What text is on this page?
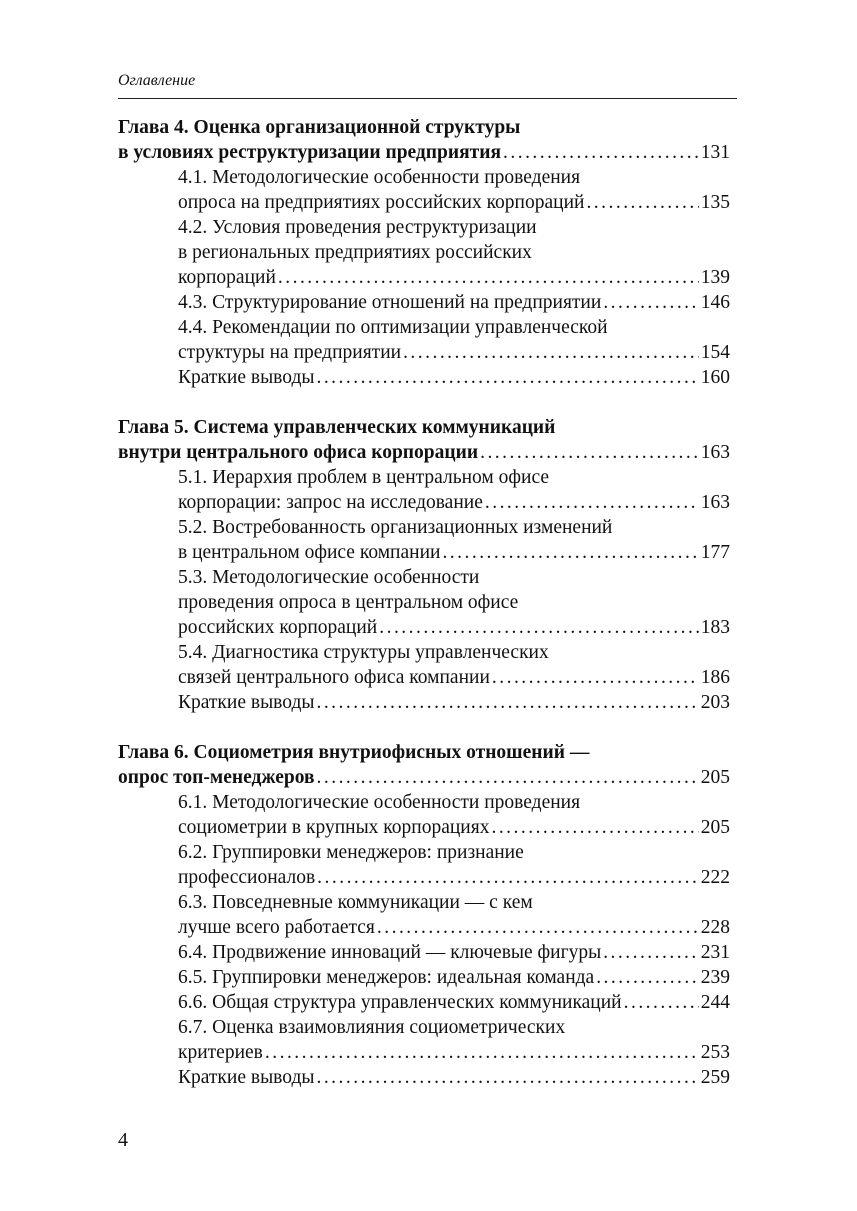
Оглавление
Глава 4. Оценка организационной структуры
в условиях реструктуризации предприятия . . .	131
4.1. Методологические особенности проведения
опроса на предприятиях российских корпораций . . .	135
4.2. Условия проведения реструктуризации
в региональных предприятиях российских
корпораций . . .	139
4.3. Структурирование отношений на предприятии . . .	146
4.4. Рекомендации по оптимизации управленческой
структуры на предприятии . . .	154
Краткие выводы . . .	160
Глава 5. Система управленческих коммуникаций
внутри центрального офиса корпорации . . .	163
5.1. Иерархия проблем в центральном офисе
корпорации: запрос на исследование . . .	163
5.2. Востребованность организационных изменений
в центральном офисе компании . . .	177
5.3. Методологические особенности
проведения опроса в центральном офисе
российских корпораций . . .	183
5.4. Диагностика структуры управленческих
связей центрального офиса компании . . .	186
Краткие выводы . . .	203
Глава 6. Социометрия внутриофисных отношений —
опрос топ-менеджеров . . .	205
6.1. Методологические особенности проведения
социометрии в крупных корпорациях . . .	205
6.2. Группировки менеджеров: признание
профессионалов . . .	222
6.3. Повседневные коммуникации — с кем
лучше всего работается . . .	228
6.4. Продвижение инноваций — ключевые фигуры . . .	231
6.5. Группировки менеджеров: идеальная команда . . .	239
6.6. Общая структура управленческих коммуникаций . . .	244
6.7. Оценка взаимовлияния социометрических
критериев . . .	253
Краткие выводы . . .	259
4
